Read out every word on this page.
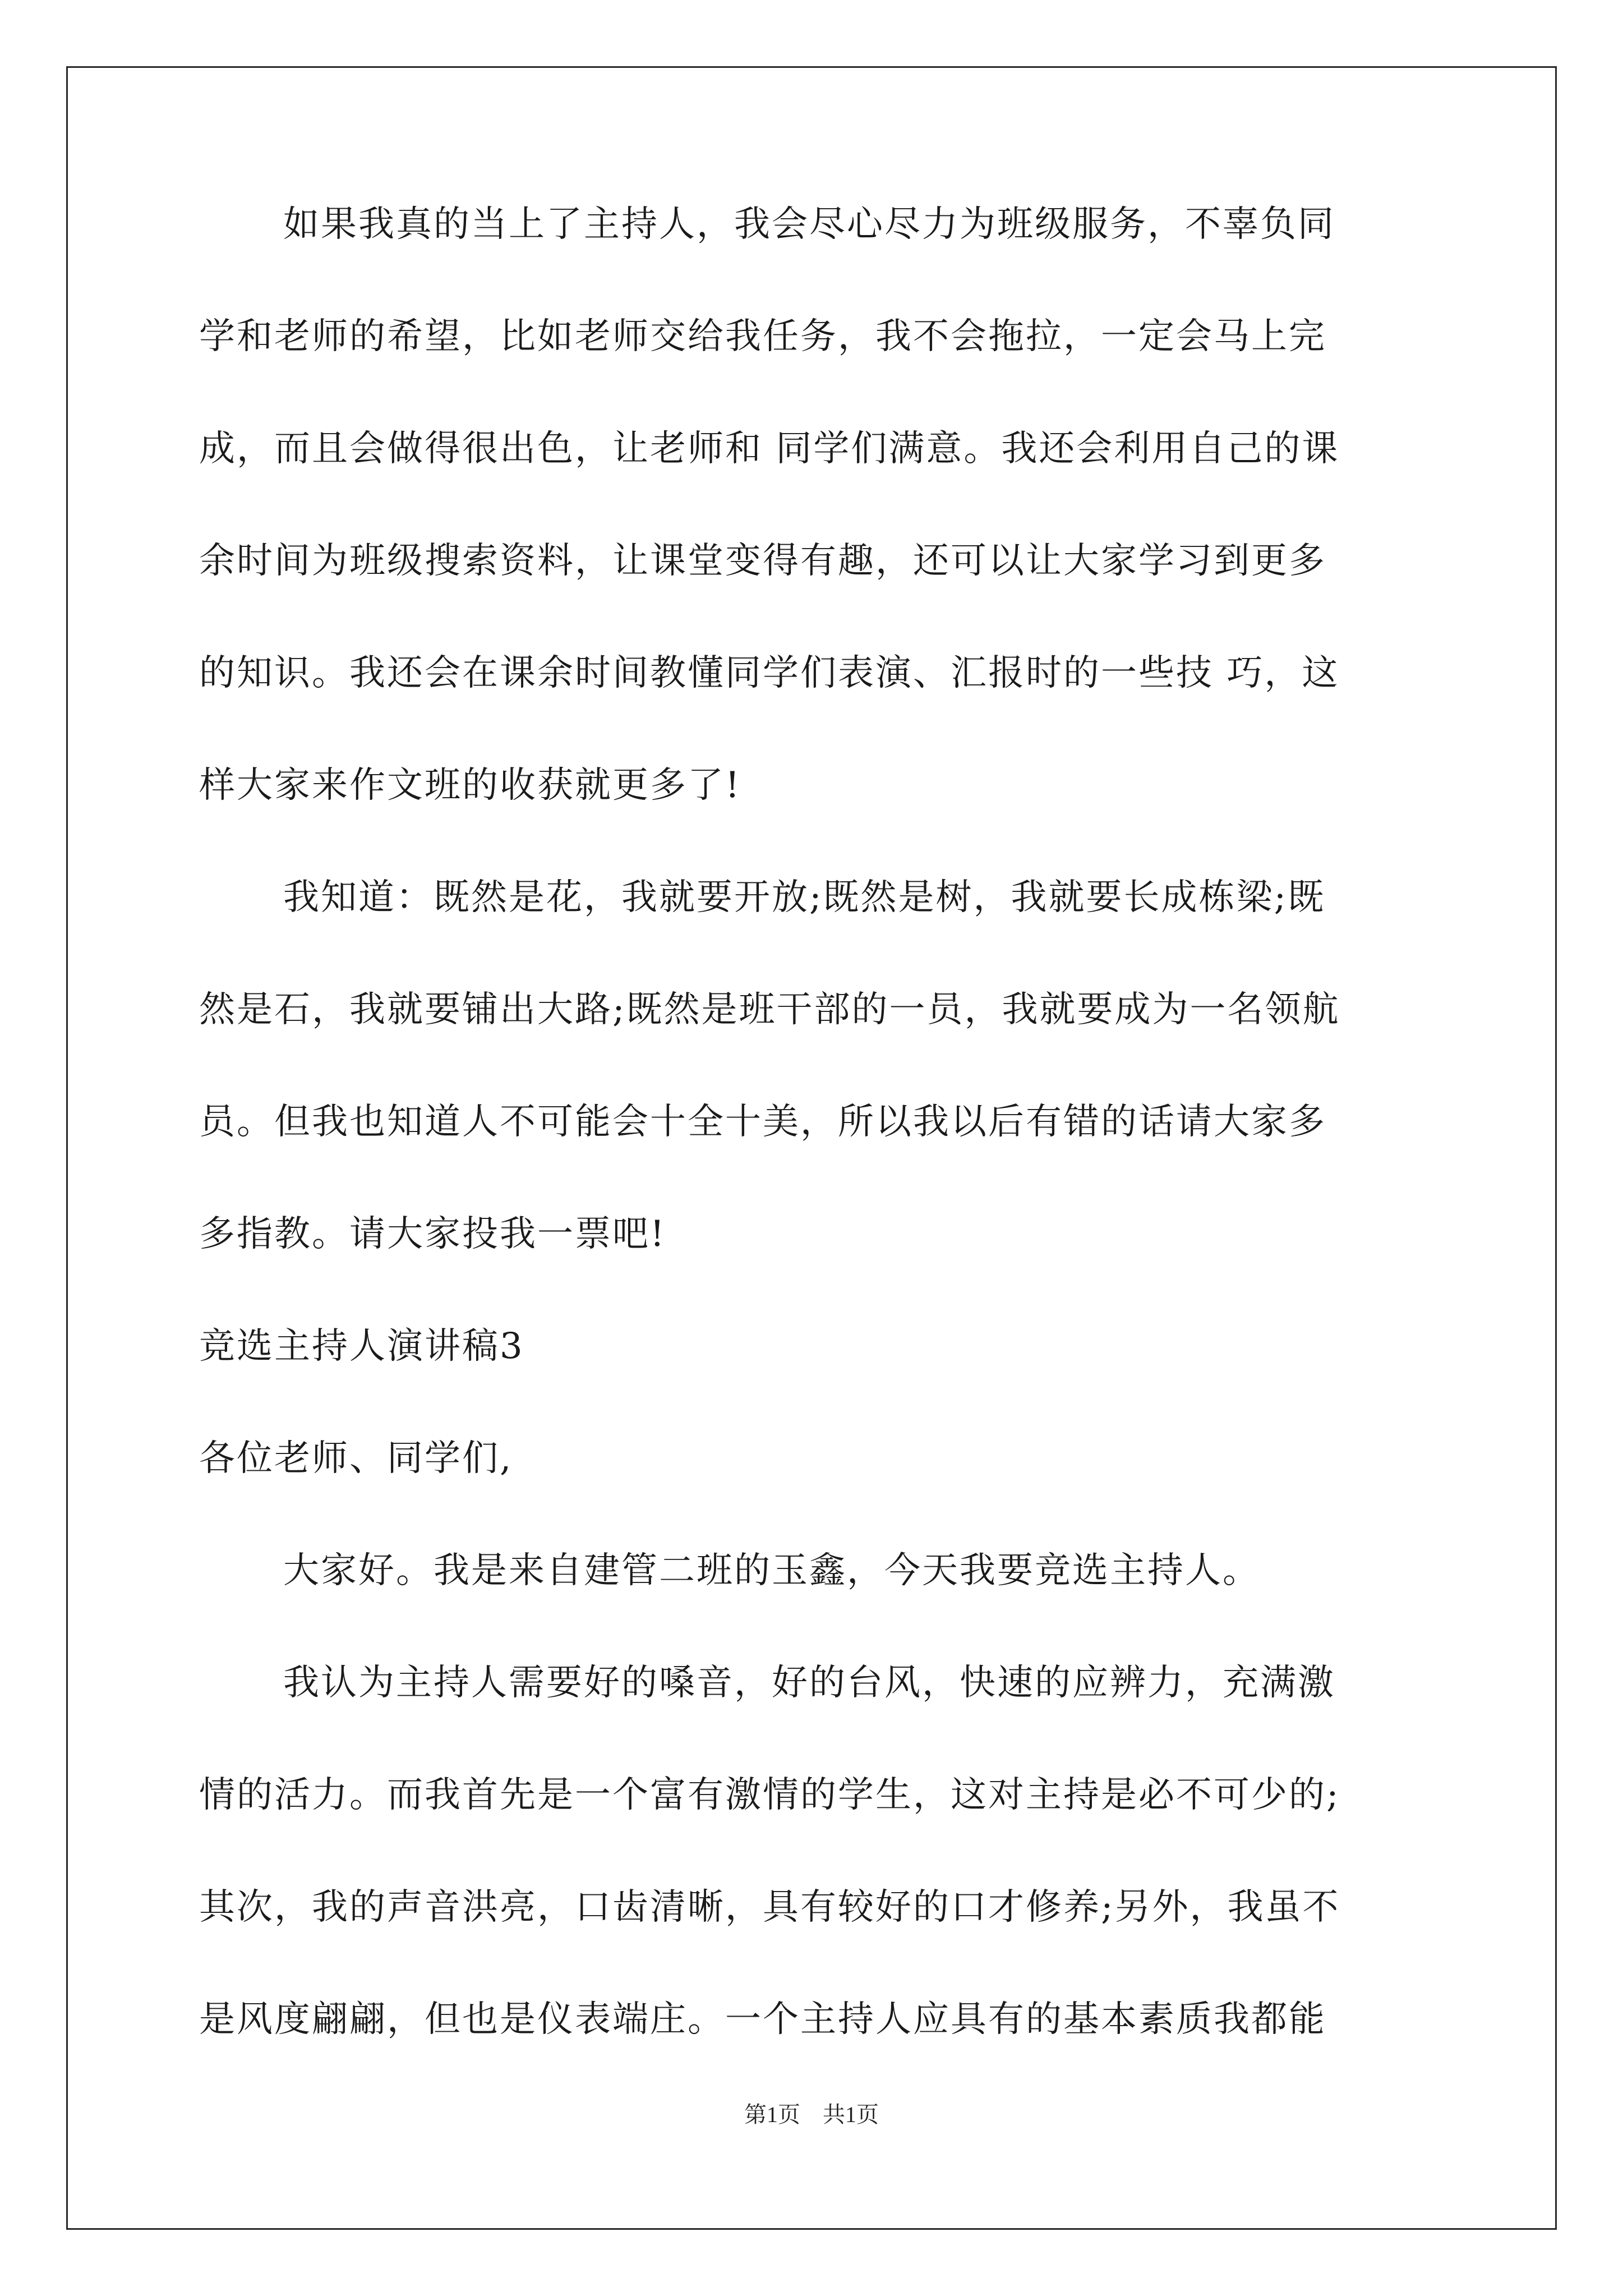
如果我真的当上了主持人，我会尽心尽力为班级服务，不辜负同
学和老师的希望，比如老师交给我任务，我不会拖拉，一定会马上完
成，而且会做得很出色，让老师和 同学们满意。我还会利用自己的课
余时间为班级搜索资料，让课堂变得有趣，还可以让大家学习到更多
的知识。我还会在课余时间教懂同学们表演、汇报时的一些技 巧，这
样大家来作文班的收获就更多了!
我知道：既然是花，我就要开放;既然是树，我就要长成栋梁;既
然是石，我就要铺出大路;既然是班干部的一员，我就要成为一名领航
员。但我也知道人不可能会十全十美，所以我以后有错的话请大家多
多指教。请大家投我一票吧!
竞选主持人演讲稿3
各位老师、同学们,
大家好。我是来自建管二班的玉鑫，今天我要竞选主持人。
我认为主持人需要好的嗓音，好的台风，快速的应辨力，充满激
情的活力。而我首先是一个富有激情的学生，这对主持是必不可少的;
其次，我的声音洪亮，口齿清晰，具有较好的口才修养;另外，我虽不
是风度翩翩，但也是仪表端庄。一个主持人应具有的基本素质我都能
第1页　共1页
